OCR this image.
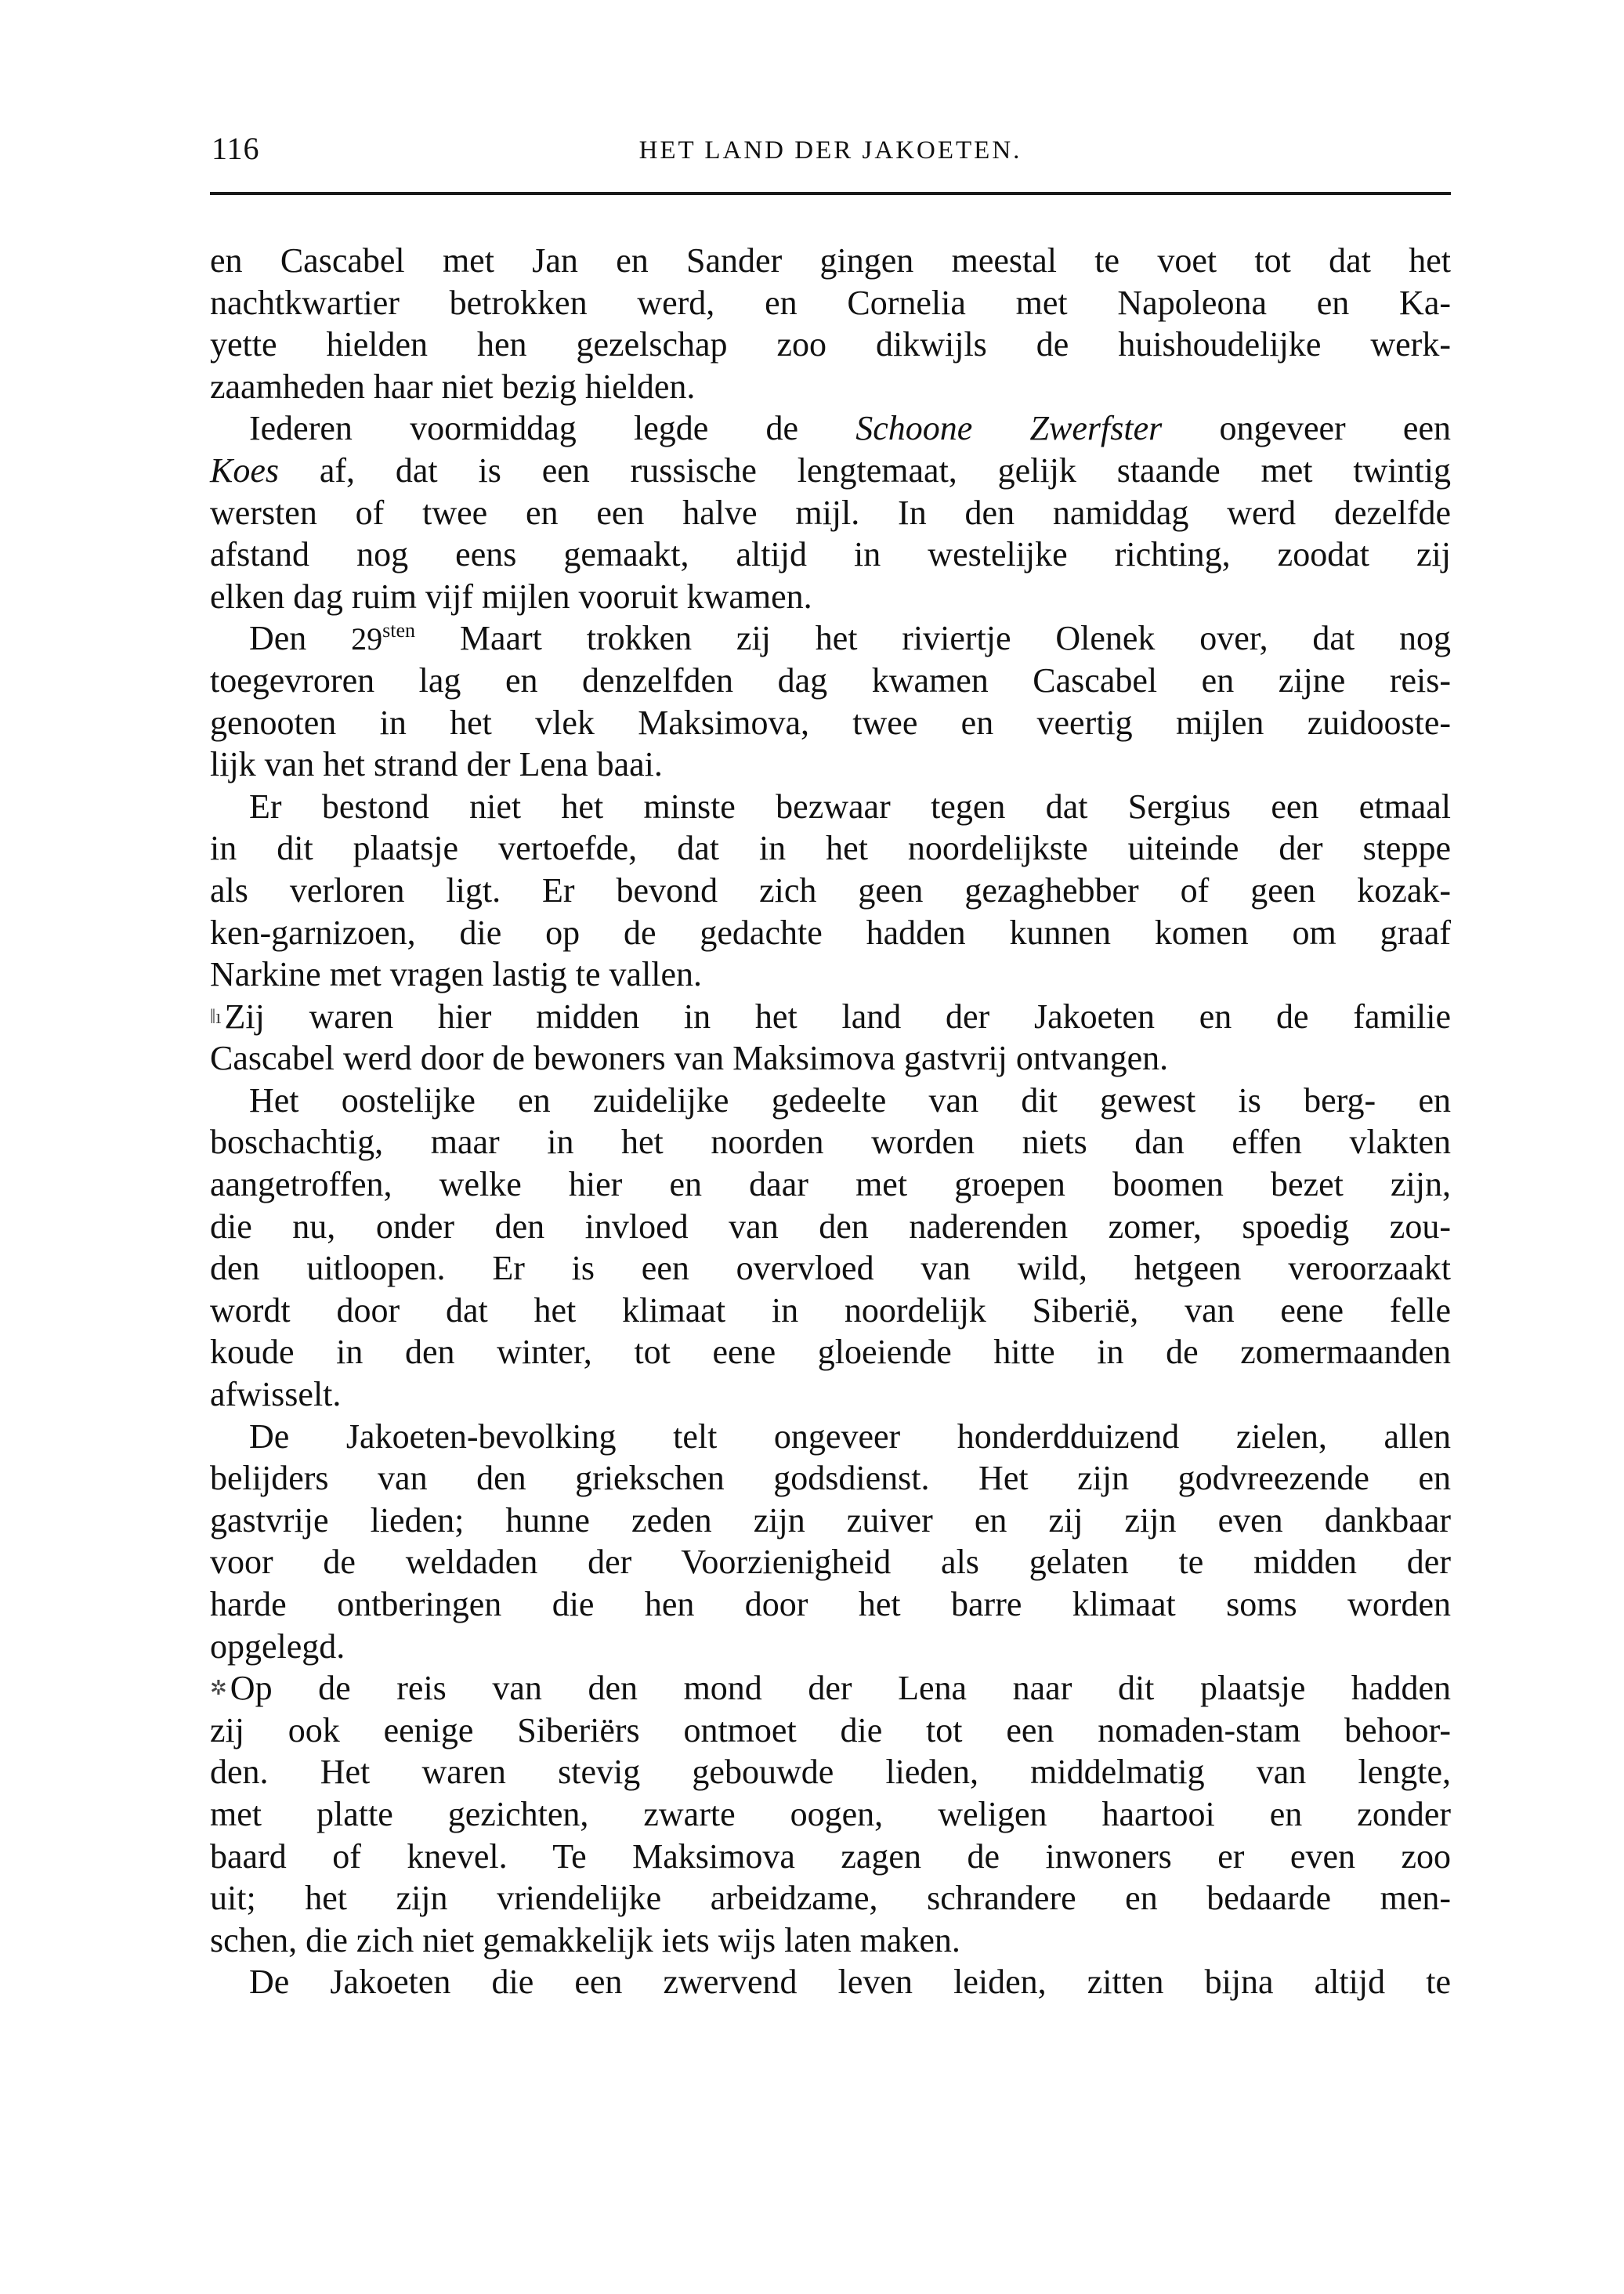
116	HET LAND DER JAKOETEN.
en Cascabel met Jan en Sander gingen meestal te voet tot dat het
nachtkwartier betrokken werd, en Cornelia met Napoleona en Ka-
yette hielden hen gezelschap zoo dikwijls de huishoudelijke werk-
zaamheden haar niet bezig hielden.
Iederen voormiddag legde de Schoone Zwerfster ongeveer een
Koes af, dat is een russische lengtemaat, gelijk staande met twintig
wersten of twee en een halve mijl. In den namiddag werd dezelfde
afstand nog eens gemaakt, altijd in westelijke richting, zoodat zij
elken dag ruim vijf mijlen vooruit kwamen.
Den $29^{sten}$ Maart trokken zij het riviertje Olenek over, dat nog
toegevroren lag en denzelfden dag kwamen Cascabel en zijne reis-
genooten in het vlek Maksimova, twee en veertig mijlen zuidooste-
lijk van het strand der Lena baai.
Er bestond niet het minste bezwaar tegen dat Sergius een etmaal
in dit plaatsje vertoefde, dat in het noordelijkste uiteinde der steppe
als verloren ligt. Er bevond zich geen gezaghebber of geen kozak-
ken-garnizoen, die op de gedachte hadden kunnen komen om graaf
Narkine met vragen lastig te vallen.
‖ıZij waren hier midden in het land der Jakoeten en de familie
Cascabel werd door de bewoners van Maksimova gastvrij ontvangen.
Het oostelijke en zuidelijke gedeelte van dit gewest is berg- en
boschachtig, maar in het noorden worden niets dan effen vlakten
aangetroffen, welke hier en daar met groepen boomen bezet zijn,
die nu, onder den invloed van den naderenden zomer, spoedig zou-
den uitloopen. Er is een overvloed van wild, hetgeen veroorzaakt
wordt door dat het klimaat in noordelijk Siberië, van eene felle
koude in den winter, tot eene gloeiende hitte in de zomermaanden
afwisselt.
De Jakoeten-bevolking telt ongeveer honderdduizend zielen, allen
belijders van den griekschen godsdienst. Het zijn godvreezende en
gastvrije lieden; hunne zeden zijn zuiver en zij zijn even dankbaar
voor de weldaden der Voorzienigheid als gelaten te midden der
harde ontberingen die hen door het barre klimaat soms worden
opgelegd.
✲Op de reis van den mond der Lena naar dit plaatsje hadden
zij ook eenige Siberiërs ontmoet die tot een nomaden-stam behoor-
den. Het waren stevig gebouwde lieden, middelmatig van lengte,
met platte gezichten, zwarte oogen, weligen haartooi en zonder
baard of knevel. Te Maksimova zagen de inwoners er even zoo
uit; het zijn vriendelijke arbeidzame, schrandere en bedaarde men-
schen, die zich niet gemakkelijk iets wijs laten maken.
De Jakoeten die een zwervend leven leiden, zitten bijna altijd te
